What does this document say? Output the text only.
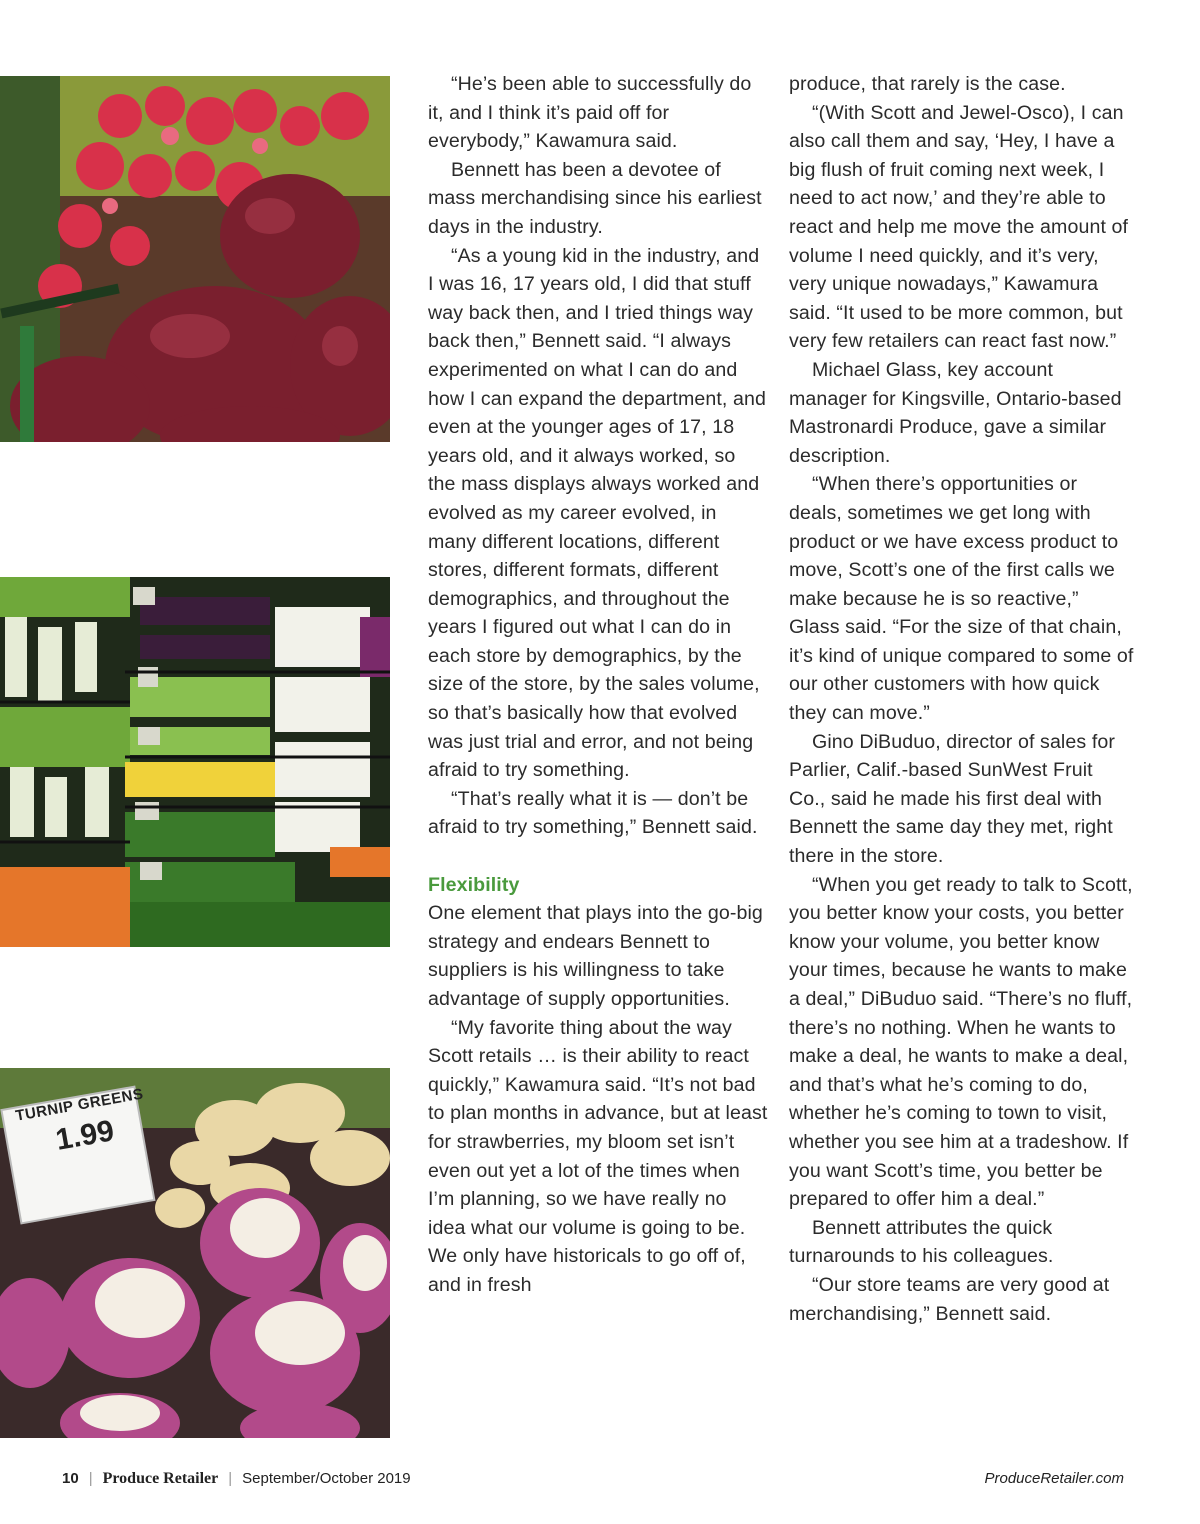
TURNIP GREENS
1.99

“He’s been able to successfully do it, and I think it’s paid off for everybody,” Kawamura said.

Bennett has been a devotee of mass merchandising since his earliest days in the industry.

“As a young kid in the industry, and I was 16, 17 years old, I did that stuff way back then, and I tried things way back then,” Bennett said. “I always experimented on what I can do and how I can expand the department, and even at the younger ages of 17, 18 years old, and it always worked, so the mass displays always worked and evolved as my career evolved, in many different locations, different stores, different formats, different demographics, and throughout the years I figured out what I can do in each store by demographics, by the size of the store, by the sales volume, so that’s basically how that evolved was just trial and error, and not being afraid to try something.

“That’s really what it is — don’t be afraid to try something,” Bennett said.

Flexibility

One element that plays into the go-big strategy and endears Bennett to suppliers is his willingness to take advantage of supply opportunities.

“My favorite thing about the way Scott retails … is their ability to react quickly,” Kawamura said. “It’s not bad to plan months in advance, but at least for strawberries, my bloom set isn’t even out yet a lot of the times when I’m planning, so we have really no idea what our volume is going to be. We only have historicals to go off of, and in fresh

produce, that rarely is the case.

“(With Scott and Jewel-Osco), I can also call them and say, ‘Hey, I have a big flush of fruit coming next week, I need to act now,’ and they’re able to react and help me move the amount of volume I need quickly, and it’s very, very unique nowadays,” Kawamura said. “It used to be more common, but very few retailers can react fast now.”

Michael Glass, key account manager for Kingsville, Ontario-based Mastronardi Produce, gave a similar description.

“When there’s opportunities or deals, sometimes we get long with product or we have excess product to move, Scott’s one of the first calls we make because he is so reactive,” Glass said. “For the size of that chain, it’s kind of unique compared to some of our other customers with how quick they can move.”

Gino DiBuduo, director of sales for Parlier, Calif.-based SunWest Fruit Co., said he made his first deal with Bennett the same day they met, right there in the store.

“When you get ready to talk to Scott, you better know your costs, you better know your volume, you better know your times, because he wants to make a deal,” DiBuduo said. “There’s no fluff, there’s no nothing. When he wants to make a deal, he wants to make a deal, and that’s what he’s coming to do, whether he’s coming to town to visit, whether you see him at a tradeshow. If you want Scott’s time, you better be prepared to offer him a deal.”

Bennett attributes the quick turnarounds to his colleagues.

“Our store teams are very good at merchandising,” Bennett said.

10 | Produce Retailer | September/October 2019	ProduceRetailer.com
